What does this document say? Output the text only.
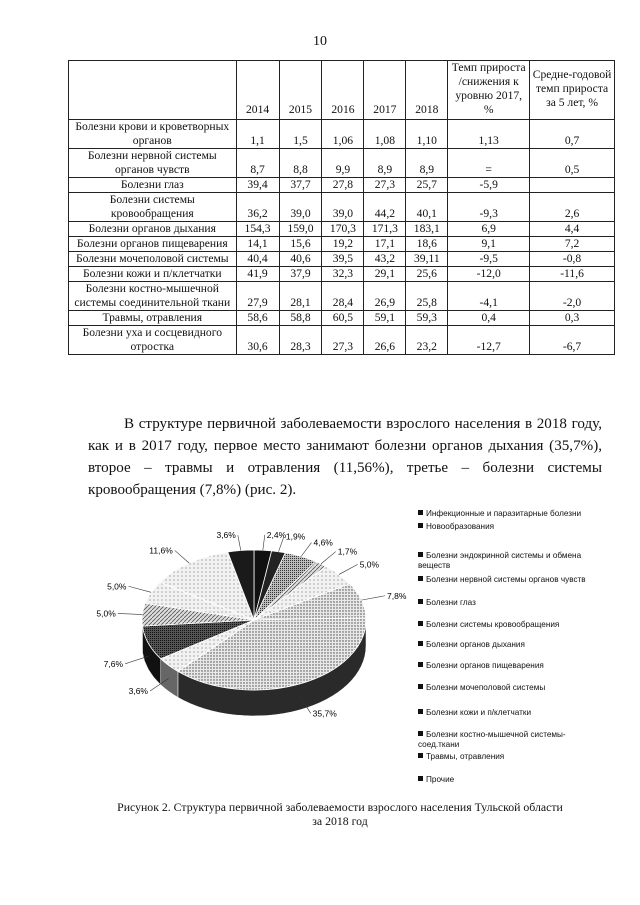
10
	2014	2015	2016	2017	2018	Темп прироста /снижения к уровню 2017, %	Средне-годовой темп прироста за 5 лет, %
Болезни крови и кроветворных органов	1,1	1,5	1,06	1,08	1,10	1,13	0,7
Болезни нервной системы органов чувств	8,7	8,8	9,9	8,9	8,9	=	0,5
Болезни глаз	39,4	37,7	27,8	27,3	25,7	-5,9	
Болезни системы кровообращения	36,2	39,0	39,0	44,2	40,1	-9,3	2,6
Болезни органов дыхания	154,3	159,0	170,3	171,3	183,1	6,9	4,4
Болезни органов пищеварения	14,1	15,6	19,2	17,1	18,6	9,1	7,2
Болезни мочеполовой системы	40,4	40,6	39,5	43,2	39,11	-9,5	-0,8
Болезни кожи и п/клетчатки	41,9	37,9	32,3	29,1	25,6	-12,0	-11,6
Болезни костно-мышечной системы соединительной ткани	27,9	28,1	28,4	26,9	25,8	-4,1	-2,0
Травмы, отравления	58,6	58,8	60,5	59,1	59,3	0,4	0,3
Болезни уха и сосцевидного отростка	30,6	28,3	27,3	26,6	23,2	-12,7	-6,7
В структуре первичной заболеваемости взрослого населения в 2018 году, как и в 2017 году, первое место занимают болезни органов дыхания (35,7%), второе – травмы и отравления (11,56%), третье – болезни системы кровообращения (7,8%) (рис. 2).
2,4% 1,9%
4,6%
1,7%
5,0%
7,8%
35,7%
3,6%
7,6%
5,0%
5,0%
11,6%
3,6%
Инфекционные и паразитарные болезни
Новообразования
Болезни эндокринной системы и обмена веществ
Болезни нервной системы органов чувств
Болезни глаз
Болезни системы кровообращения
Болезни органов дыхания
Болезни органов пищеварения
Болезни мочеполовой системы
Болезни кожи и п/клетчатки
Болезни костно-мышечной системы-соед.ткани
Травмы, отравления
Прочие
Рисунок 2. Структура первичной заболеваемости взрослого населения Тульской области
за 2018 год
